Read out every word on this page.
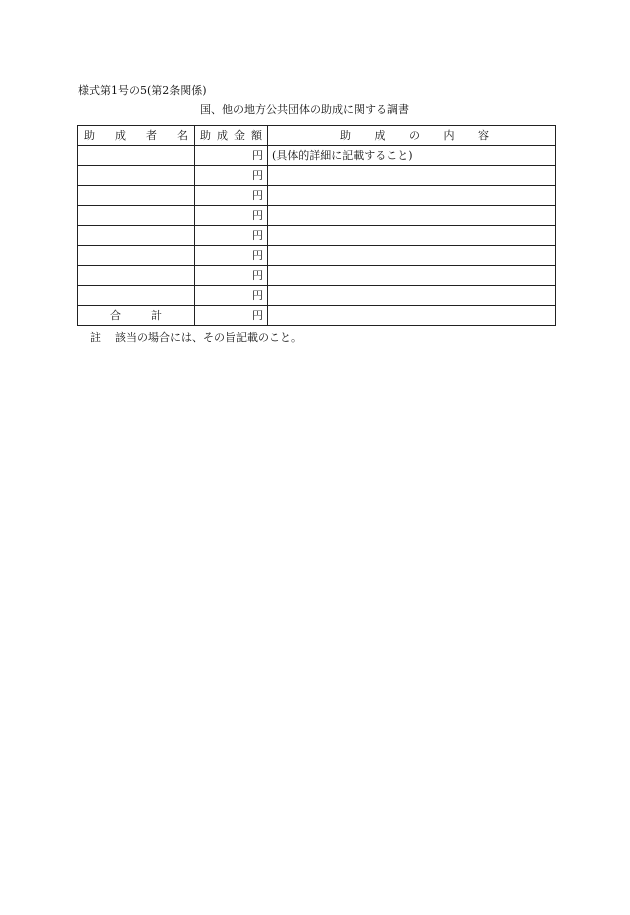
様式第1号の5(第2条関係)
国、他の地方公共団体の助成に関する調書
助 成 者 名	助 成 金 額	助 成 の 内 容

	円	(具体的詳細に記載すること)
	円	
	円	
	円	
	円	
	円	
	円	
	円	

合 計	円	
註 該当の場合には、その旨記載のこと。
